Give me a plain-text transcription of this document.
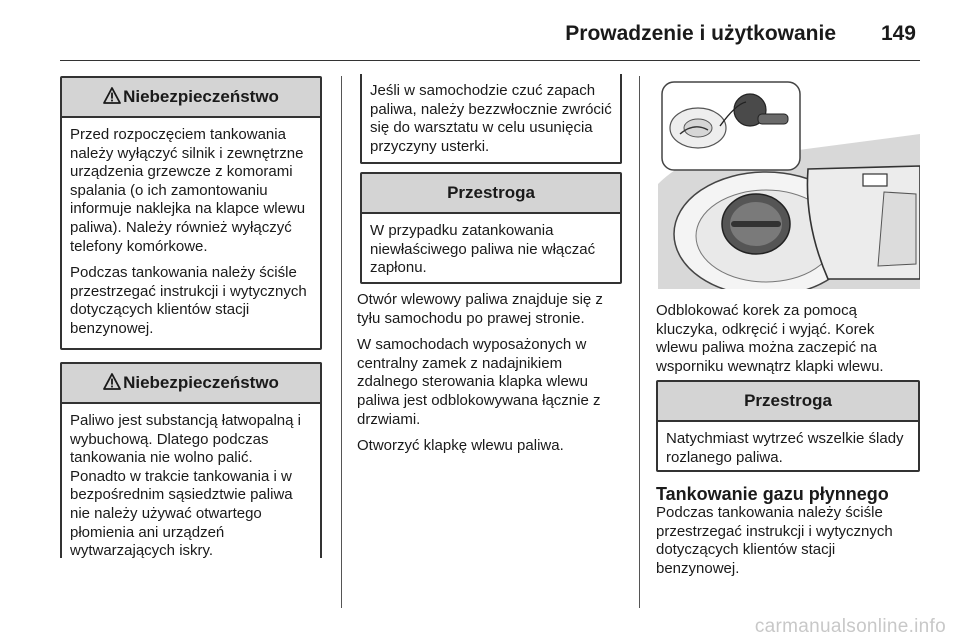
Prowadzenie i użytkowanie 149
Niebezpieczeństwo

Przed rozpoczęciem tankowania należy wyłączyć silnik i zewnętrzne urządzenia grzewcze z komorami spalania (o ich zamontowaniu informuje naklejka na klapce wlewu paliwa). Należy również wyłączyć telefony komórkowe.

Podczas tankowania należy ściśle przestrzegać instrukcji i wytycznych dotyczących klientów stacji benzynowej.

Niebezpieczeństwo

Paliwo jest substancją łatwopalną i wybuchową. Dlatego podczas tankowania nie wolno palić. Ponadto w trakcie tankowania i w bezpośrednim sąsiedztwie paliwa nie należy używać otwartego płomienia ani urządzeń wytwarzających iskry.

Jeśli w samochodzie czuć zapach paliwa, należy bezzwłocznie zwrócić się do warsztatu w celu usunięcia przyczyny usterki.

Przestroga

W przypadku zatankowania niewłaściwego paliwa nie włączać zapłonu.

Otwór wlewowy paliwa znajduje się z tyłu samochodu po prawej stronie.

W samochodach wyposażonych w centralny zamek z nadajnikiem zdalnego sterowania klapka wlewu paliwa jest odblokowywana łącznie z drzwiami.

Otworzyć klapkę wlewu paliwa.

Odblokować korek za pomocą kluczyka, odkręcić i wyjąć. Korek wlewu paliwa można zaczepić na wsporniku wewnątrz klapki wlewu.

Przestroga

Natychmiast wytrzeć wszelkie ślady rozlanego paliwa.

Tankowanie gazu płynnego

Podczas tankowania należy ściśle przestrzegać instrukcji i wytycznych dotyczących klientów stacji benzynowej.

carmanualsonline.info
